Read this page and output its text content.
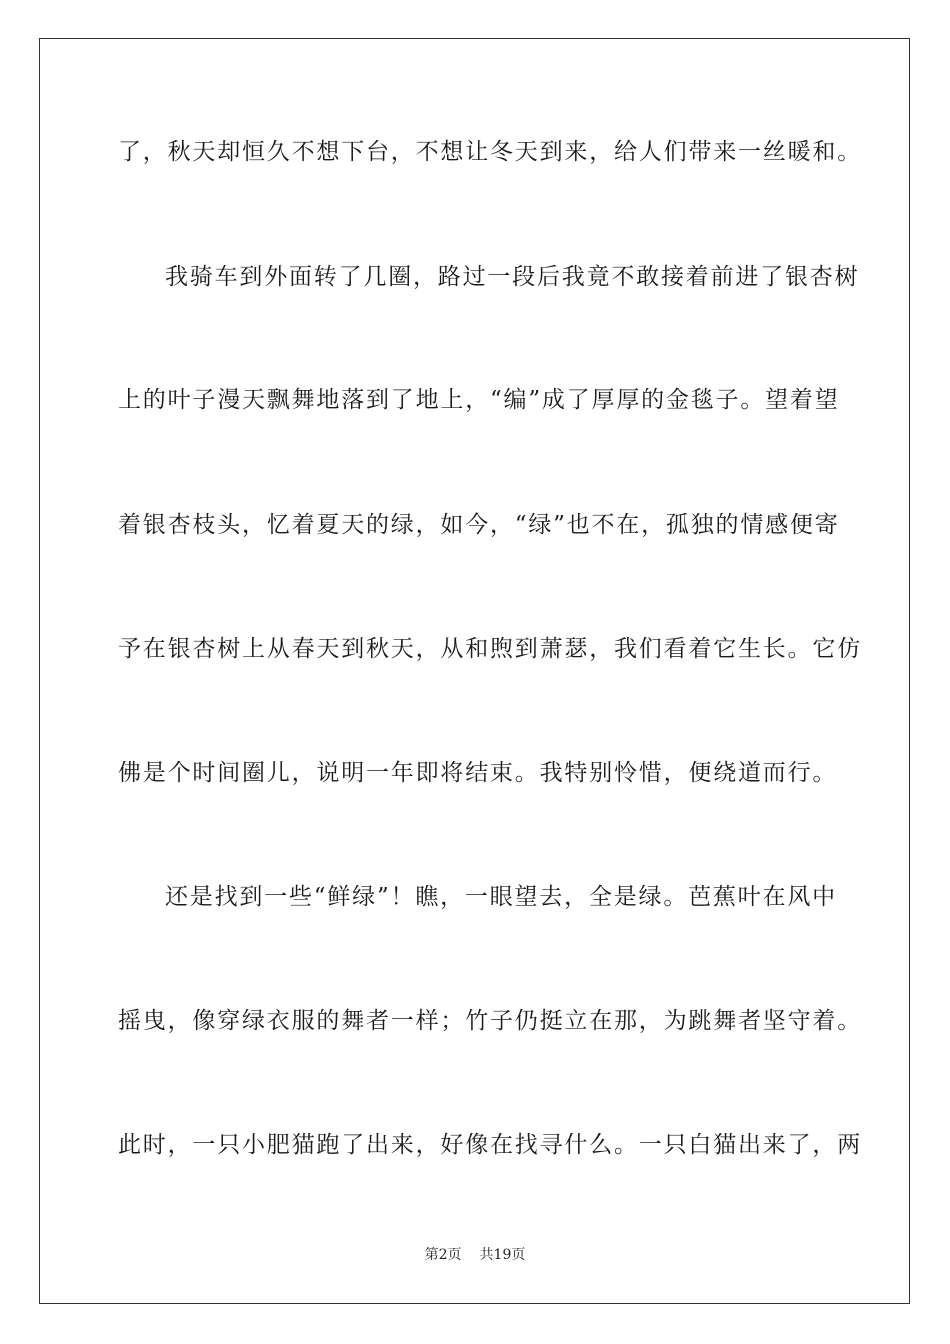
了，秋天却恒久不想下台，不想让冬天到来，给人们带来一丝暖和。
我骑车到外面转了几圈，路过一段后我竟不敢接着前进了银杏树
上的叶子漫天飘舞地落到了地上，“编”成了厚厚的金毯子。望着望
着银杏枝头，忆着夏天的绿，如今，“绿”也不在，孤独的情感便寄
予在银杏树上从春天到秋天，从和煦到萧瑟，我们看着它生长。它仿
佛是个时间圈儿，说明一年即将结束。我特别怜惜，便绕道而行。
还是找到一些“鲜绿”！瞧，一眼望去，全是绿。芭蕉叶在风中
摇曳，像穿绿衣服的舞者一样；竹子仍挺立在那，为跳舞者坚守着。
此时，一只小肥猫跑了出来，好像在找寻什么。一只白猫出来了，两
第2页 共19页
